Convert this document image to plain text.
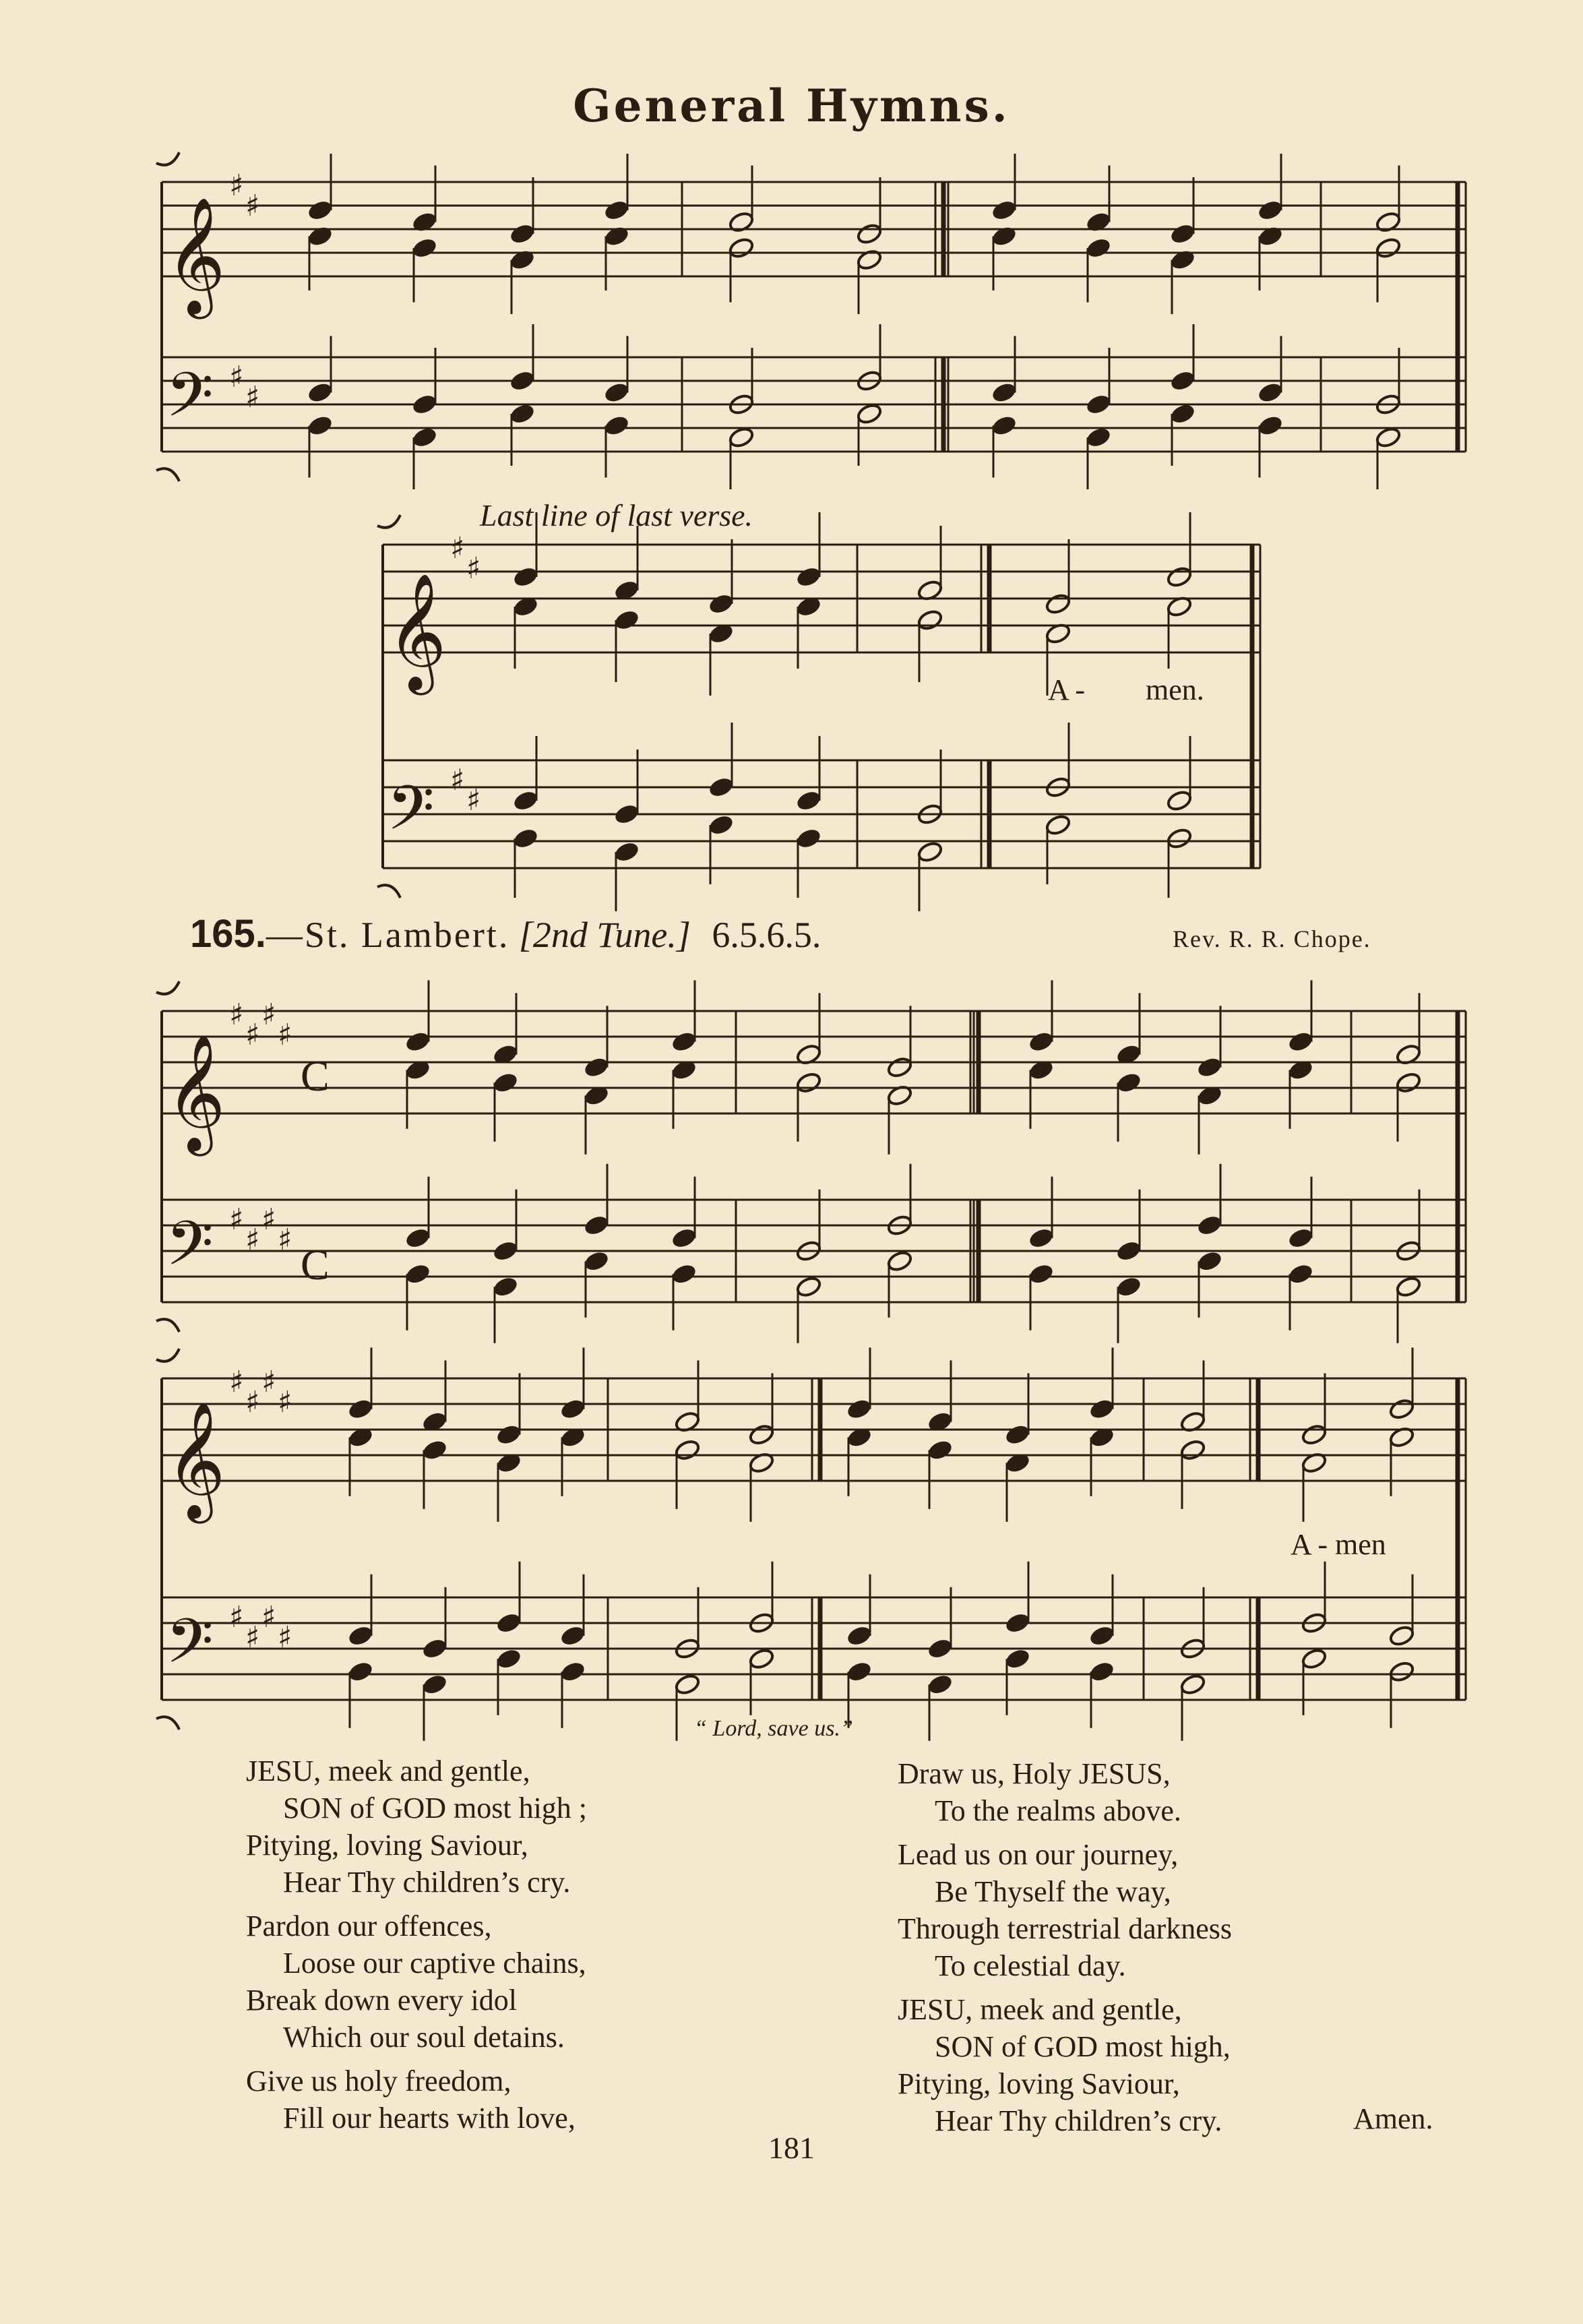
General Hymns.
𝄞
𝄢
♯
♯
♯
♯
𝄞
𝄢
♯
♯
♯
♯
𝄞
𝄢
♯
♯
♯
♯
♯
♯
♯
♯
C
C
𝄞
𝄢
♯
♯
♯
♯
♯
♯
♯
♯
Last line of last verse.
A - men.
165.—St. Lambert. [2nd Tune.] 6.5.6.5.	Rev. R. R. Chope.
A - men
“ Lord, save us.”
JESU, meek and gentle,
SON of GOD most high ;
Pitying, loving Saviour,
Hear Thy children’s cry.
Pardon our offences,
Loose our captive chains,
Break down every idol
Which our soul detains.
Give us holy freedom,
Fill our hearts with love,
Draw us, Holy JESUS,
To the realms above.
Lead us on our journey,
Be Thyself the way,
Through terrestrial darkness
To celestial day.
JESU, meek and gentle,
SON of GOD most high,
Pitying, loving Saviour,
Hear Thy children’s cry.	Amen.
181
